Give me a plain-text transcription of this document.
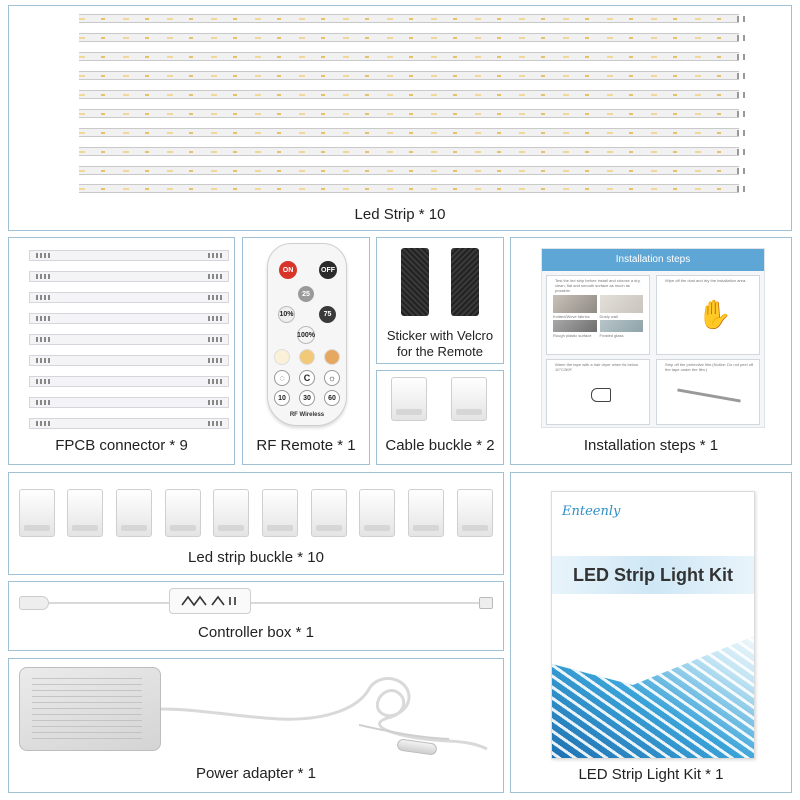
Led Strip * 10
FPCB connector * 9
ON	OFF
25
10%	75
100%
◌	C	☼
10	30	60
RF Wireless
RF Remote * 1
Sticker with Velcro for the Remote
Cable buckle * 2
Installation steps
Test the led strip before install and choose a dry, clean, flat and smooth surface as much as possible.
Knitted/Wove fabrics	Dusty wall
Rough plastic surface	Frosted glass
Wipe off the dust and dry the installation area.
✋
Warm the tape with a hair dryer when its below 10°C/50F.
Strip off the protective film.(Notice: Do not peel off the tape under the film.)
Installation steps * 1
Led strip buckle * 10
Controller box * 1
Power adapter * 1
Enteenly
LED Strip Light Kit
LED Strip Light Kit * 1
